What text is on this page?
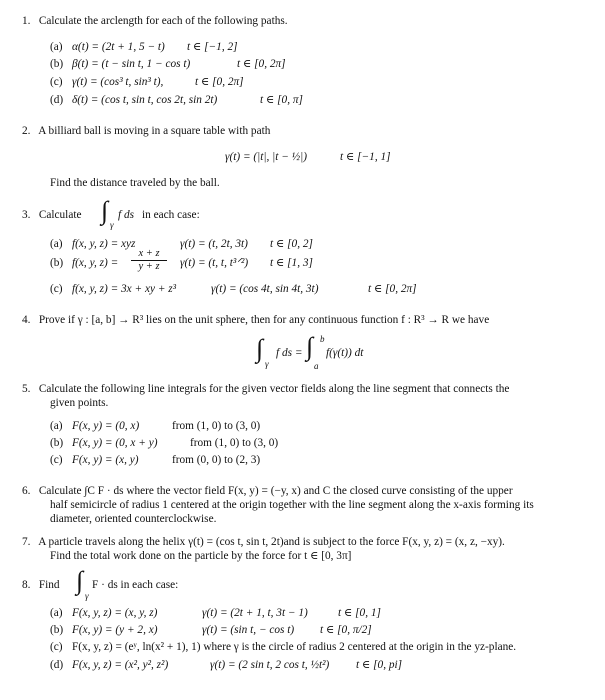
1. Calculate the arclength for each of the following paths.
(a) α(t) = (2t + 1, 5 − t) t ∈ [−1, 2]
(b) β(t) = (t − sin t, 1 − cos t)	t ∈ [0, 2π]
(c) γ(t) = (cos³ t, sin³ t),	t ∈ [0, 2π]
(d) δ(t) = (cos t, sin t, cos 2t, sin 2t)	t ∈ [0, π]
2. A billiard ball is moving in a square table with path
γ(t) = (|t|, |t − ½|)	t ∈ [−1, 1]
Find the distance traveled by the ball.
3. Calculate ∫ γ
f ds in each case:
(a) f(x, y, z) = xyz	γ(t) = (t, 2t, 3t) t ∈ [0, 2]
(b) f(x, y, $z) = \frac{x + z}{y + z} \gamma(t) = (t$, t, t³ᐟ²) t ∈ [1, 3]
(c) f(x, y, z) = 3x + xy + z³	γ(t) = (cos 4t, sin 4t, 3t)	t ∈ [0, 2π]
4. Prove if γ : [a, b] → R³ lies on the unit sphere, then for any continuous function f : R³ → R we have
∫
γ
f ds = ∫ b
a
f(γ(t)) dt
5. Calculate the following line integrals for the given vector fields along the line segment that connects the
given points.
(a) F(x, y) = (0, x)	from (1, 0) to (3, 0)
(b) F(x, y) = (0, x + y)	from (1, 0) to (3, 0)
(c) F(x, y) = (x, y)	from (0, 0) to (2, 3)
6. Calculate ∫C F · ds where the vector field F(x, y) = (−y, x) and C the closed curve consisting of the upper
half semicircle of radius 1 centered at the origin together with the line segment along the x-axis forming its
diameter, oriented counterclockwise.
7. A particle travels along the helix γ(t) = (cos t, sin t, 2t)and is subject to the force F(x, y, z) = (x, z, −xy).
Find the total work done on the particle by the force for t ∈ [0, 3π]
8. Find ∫
γ
F · ds in each case:
(a) F(x, y, z) = (x, y, z)	γ(t) = (2t + 1, t, 3t − 1)	t ∈ [0, 1]
(b) F(x, y) = (y + 2, x)	γ(t) = (sin t, − cos t) t ∈ [0, π/2]
(c) F(x, y, z) = (eʸ, ln(x² + 1), 1) where γ is the circle of radius 2 centered at the origin in the yz-plane.
(d) F(x, y, z) = (x², y², z²)	γ(t) = (2 sin t, 2 cos t, ½t²) t ∈ [0, pi]
